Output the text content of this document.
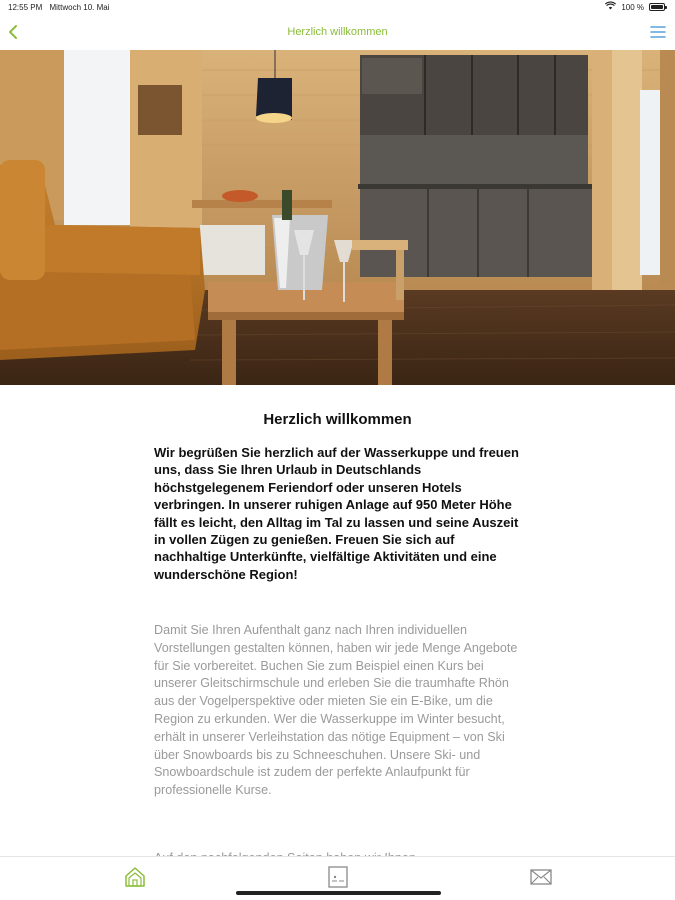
12:55 PM Mittwoch 10. Mai	100 %
Herzlich willkommen
Herzlich willkommen
Wir begrüßen Sie herzlich auf der Wasserkuppe und freuen uns, dass Sie Ihren Urlaub in Deutschlands höchstgelegenem Feriendorf oder unseren Hotels verbringen. In unserer ruhigen Anlage auf 950 Meter Höhe fällt es leicht, den Alltag im Tal zu lassen und seine Auszeit in vollen Zügen zu genießen. Freuen Sie sich auf nachhaltige Unterkünfte, vielfältige Aktivitäten und eine wunderschöne Region!
Damit Sie Ihren Aufenthalt ganz nach Ihren individuellen Vorstellungen gestalten können, haben wir jede Menge Angebote für Sie vorbereitet. Buchen Sie zum Beispiel einen Kurs bei unserer Gleitschirmschule und erleben Sie die traumhafte Rhön aus der Vogelperspektive oder mieten Sie ein E-Bike, um die Region zu erkunden. Wer die Wasserkuppe im Winter besucht, erhält in unserer Verleihstation das nötige Equipment – von Ski über Snowboards bis zu Schneeschuhen. Unsere Ski- und Snowboardschule ist zudem der perfekte Anlaufpunkt für professionelle Kurse.
